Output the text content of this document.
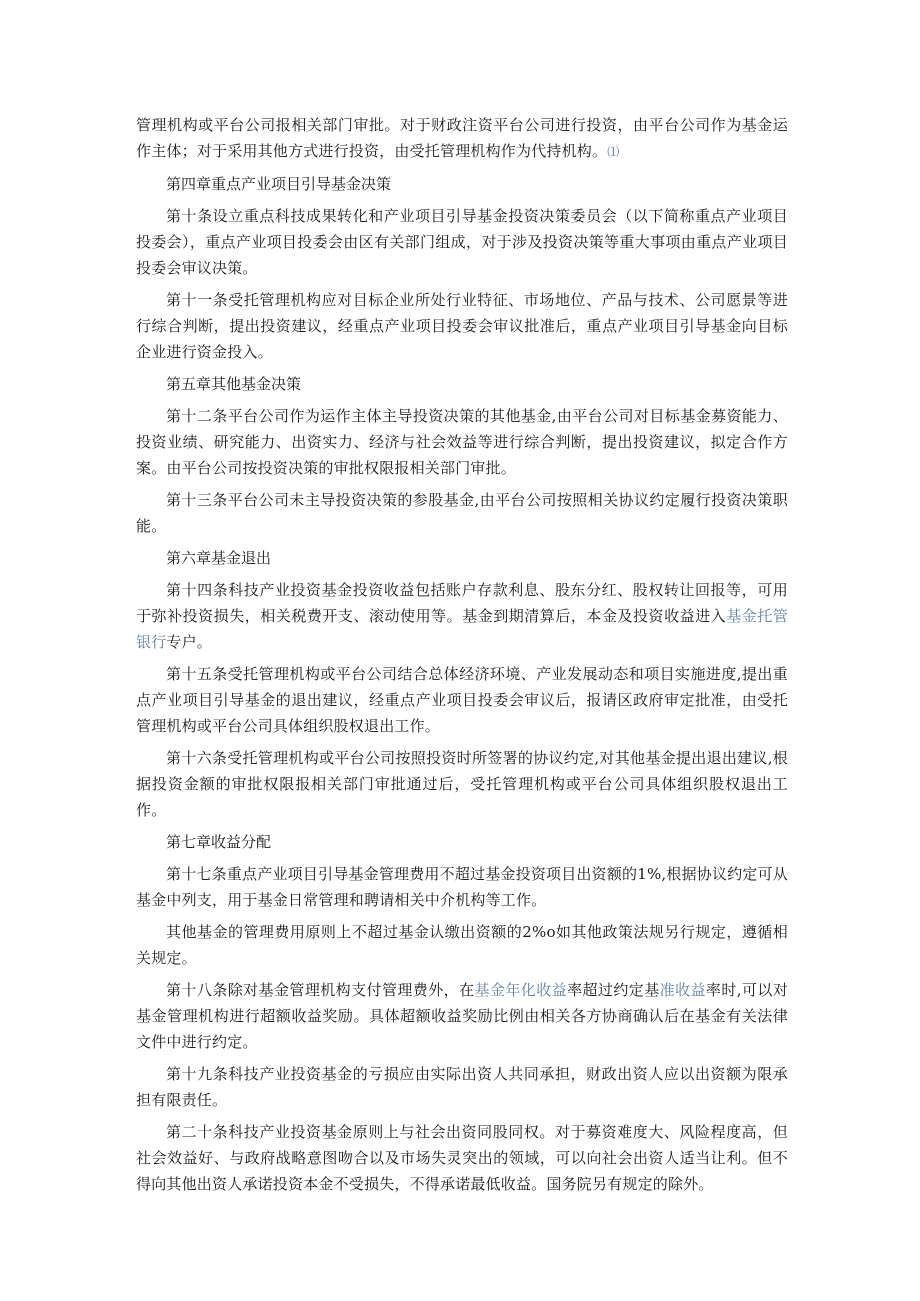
管理机构或平台公司报相关部门审批。对于财政注资平台公司进行投资，由平台公司作为基金运作主体；对于采用其他方式进行投资，由受托管理机构作为代持机构。⑴

第四章重点产业项目引导基金决策

第十条设立重点科技成果转化和产业项目引导基金投资决策委员会（以下简称重点产业项目投委会），重点产业项目投委会由区有关部门组成，对于涉及投资决策等重大事项由重点产业项目投委会审议决策。

第十一条受托管理机构应对目标企业所处行业特征、市场地位、产品与技术、公司愿景等进行综合判断，提出投资建议，经重点产业项目投委会审议批准后，重点产业项目引导基金向目标企业进行资金投入。

第五章其他基金决策

第十二条平台公司作为运作主体主导投资决策的其他基金,由平台公司对目标基金募资能力、投资业绩、研究能力、出资实力、经济与社会效益等进行综合判断，提出投资建议，拟定合作方案。由平台公司按投资决策的审批权限报相关部门审批。

第十三条平台公司未主导投资决策的参股基金,由平台公司按照相关协议约定履行投资决策职能。

第六章基金退出

第十四条科技产业投资基金投资收益包括账户存款利息、股东分红、股权转让回报等，可用于弥补投资损失，相关税费开支、滚动使用等。基金到期清算后，本金及投资收益进入基金托管银行专户。

第十五条受托管理机构或平台公司结合总体经济环境、产业发展动态和项目实施进度,提出重点产业项目引导基金的退出建议，经重点产业项目投委会审议后，报请区政府审定批准，由受托管理机构或平台公司具体组织股权退出工作。

第十六条受托管理机构或平台公司按照投资时所签署的协议约定,对其他基金提出退出建议,根据投资金额的审批权限报相关部门审批通过后，受托管理机构或平台公司具体组织股权退出工作。

第七章收益分配

第十七条重点产业项目引导基金管理费用不超过基金投资项目出资额的1%,根据协议约定可从基金中列支，用于基金日常管理和聘请相关中介机构等工作。

其他基金的管理费用原则上不超过基金认缴出资额的2%o如其他政策法规另行规定，遵循相关规定。

第十八条除对基金管理机构支付管理费外，在基金年化收益率超过约定基准收益率时,可以对基金管理机构进行超额收益奖励。具体超额收益奖励比例由相关各方协商确认后在基金有关法律文件中进行约定。

第十九条科技产业投资基金的亏损应由实际出资人共同承担，财政出资人应以出资额为限承担有限责任。

第二十条科技产业投资基金原则上与社会出资同股同权。对于募资难度大、风险程度高，但社会效益好、与政府战略意图吻合以及市场失灵突出的领域，可以向社会出资人适当让利。但不得向其他出资人承诺投资本金不受损失，不得承诺最低收益。国务院另有规定的除外。
